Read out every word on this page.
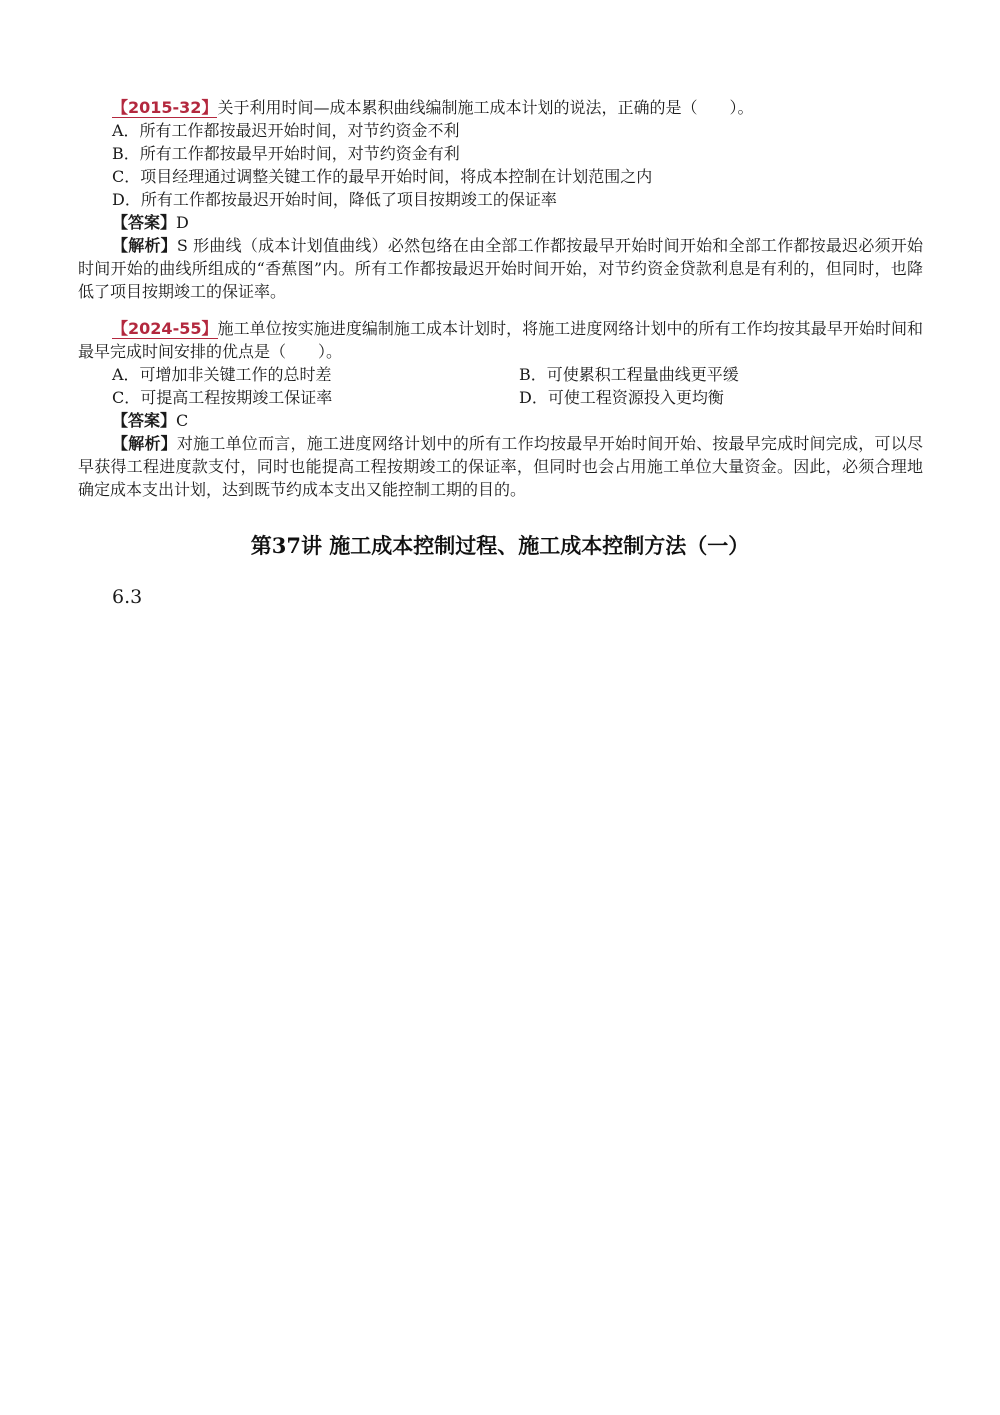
【2015-32】关于利用时间—成本累积曲线编制施工成本计划的说法，正确的是（　　）。

A．所有工作都按最迟开始时间，对节约资金不利

B．所有工作都按最早开始时间，对节约资金有利

C．项目经理通过调整关键工作的最早开始时间，将成本控制在计划范围之内

D．所有工作都按最迟开始时间，降低了项目按期竣工的保证率

【答案】D

【解析】S 形曲线（成本计划值曲线）必然包络在由全部工作都按最早开始时间开始和全部工作都按最迟必须开始时间开始的曲线所组成的“香蕉图”内。所有工作都按最迟开始时间开始，对节约资金贷款利息是有利的，但同时，也降低了项目按期竣工的保证率。

【2024-55】施工单位按实施进度编制施工成本计划时，将施工进度网络计划中的所有工作均按其最早开始时间和最早完成时间安排的优点是（　　）。

A．可增加非关键工作的总时差	B．可使累积工程量曲线更平缓
C．可提高工程按期竣工保证率	D．可使工程资源投入更均衡

【答案】C

【解析】对施工单位而言，施工进度网络计划中的所有工作均按最早开始时间开始、按最早完成时间完成，可以尽早获得工程进度款支付，同时也能提高工程按期竣工的保证率，但同时也会占用施工单位大量资金。因此，必须合理地确定成本支出计划，达到既节约成本支出又能控制工期的目的。

第37讲 施工成本控制过程、施工成本控制方法（一）
6.3
